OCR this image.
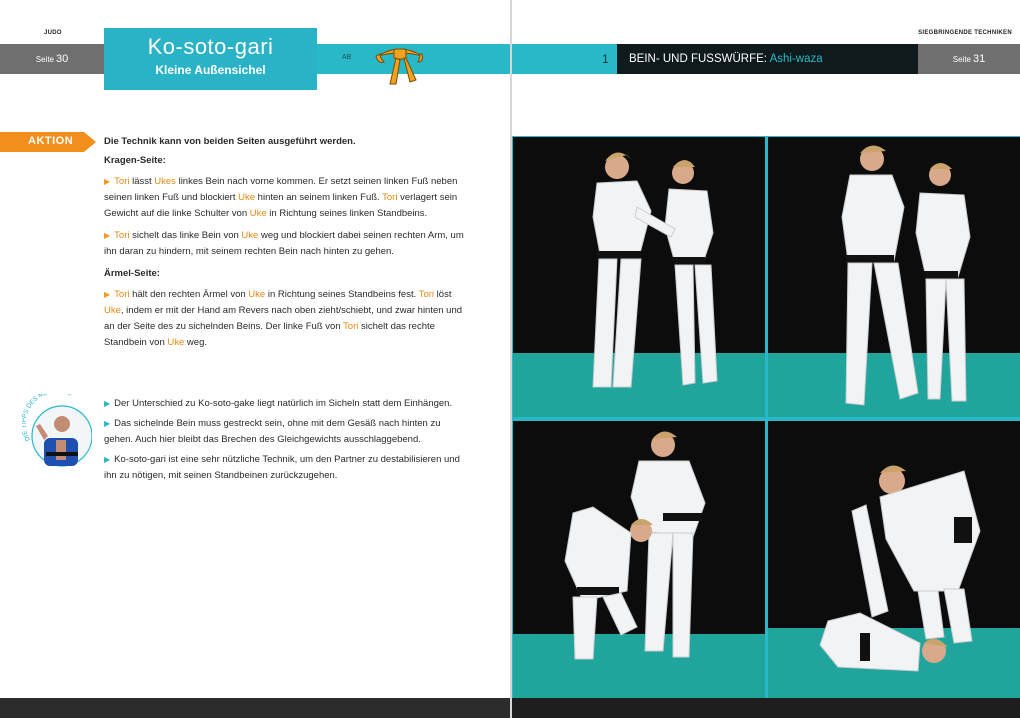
JUDO
Seite 30	AB
Ko-soto-gari
Kleine Außensichel
AKTION	Die Technik kann von beiden Seiten ausgeführt werden.

Kragen-Seite:

▶ Tori lässt Ukes linkes Bein nach vorne kommen. Er setzt seinen linken Fuß neben seinen linken Fuß und blockiert Uke hinten an seinem linken Fuß. Tori verlagert sein Gewicht auf die linke Schulter von Uke in Richtung seines linken Standbeins.

▶ Tori sichelt das linke Bein von Uke weg und blockiert dabei seinen rechten Arm, um ihn daran zu hindern, mit seinem rechten Bein nach hinten zu gehen.

Ärmel-Seite:

▶ Tori hält den rechten Ärmel von Uke in Richtung seines Standbeins fest. Tori löst Uke, indem er mit der Hand am Revers nach oben zieht/schiebt, und zwar hinten und an der Seite des zu sichelnden Beins. Der linke Fuß von Tori sichelt das rechte Standbein von Uke weg.

DIE S DES M

▶ Der Unterschied zu Ko-soto-gake liegt natürlich im Sicheln statt dem Einhängen.

▶ Das sichelnde Bein muss gestreckt sein, ohne mit dem Gesäß nach hinten zu gehen. Auch hier bleibt das Brechen des Gleichgewichts ausschlaggebend.

▶ Ko-soto-gari ist eine sehr nützliche Technik, um den Partner zu destabilisieren und ihn zu nötigen, mit seinen Standbeinen zurückzugehen.

SIEGBRINGENDE TECHNIKEN
1 BEIN- UND FUSSWÜRFE: Ashi-waza	Seite 31
